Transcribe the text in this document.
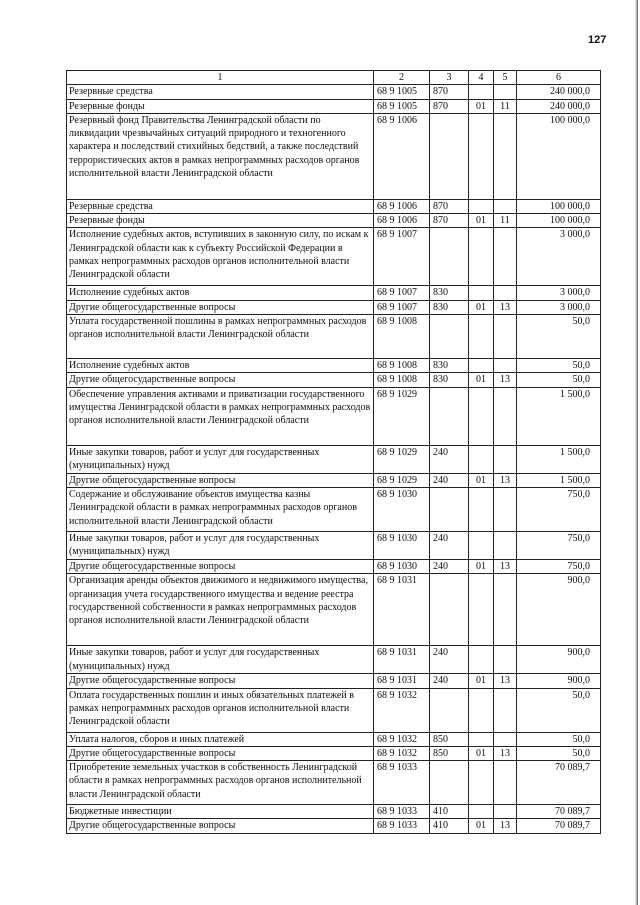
127
1	2	3	4	5	6
Резервные средства	68 9 1005	870			240 000,0
Резервные фонды	68 9 1005	870	01	11	240 000,0
Резервный фонд Правительства Ленинградской области по ликвидации чрезвычайных ситуаций природного и техногенного характера и последствий стихийных бедствий, а также последствий террористических актов в рамках непрограммных расходов органов исполнительной власти Ленинградской области	68 9 1006				100 000,0
Резервные средства	68 9 1006	870			100 000,0
Резервные фонды	68 9 1006	870	01	11	100 000,0
Исполнение судебных актов, вступивших в законную силу, по искам к Ленинградской области как к субъекту Российской Федерации в рамках непрограммных расходов органов исполнительной власти Ленинградской области	68 9 1007				3 000,0
Исполнение судебных актов	68 9 1007	830			3 000,0
Другие общегосударственные вопросы	68 9 1007	830	01	13	3 000,0
Уплата государственной пошлины в рамках непрограммных расходов органов исполнительной власти Ленинградской области	68 9 1008				50,0
Исполнение судебных актов	68 9 1008	830			50,0
Другие общегосударственные вопросы	68 9 1008	830	01	13	50,0
Обеспечение управления активами и приватизации государственного имущества Ленинградской области в рамках непрограммных расходов органов исполнительной власти Ленинградской области	68 9 1029				1 500,0
Иные закупки товаров, работ и услуг для государственных (муниципальных) нужд	68 9 1029	240			1 500,0
Другие общегосударственные вопросы	68 9 1029	240	01	13	1 500,0
Содержание и обслуживание объектов имущества казны Ленинградской области в рамках непрограммных расходов органов исполнительной власти Ленинградской области	68 9 1030				750,0
Иные закупки товаров, работ и услуг для государственных (муниципальных) нужд	68 9 1030	240			750,0
Другие общегосударственные вопросы	68 9 1030	240	01	13	750,0
Организация аренды объектов движимого и недвижимого имущества, организация учета государственного имущества и ведение реестра государственной собственности в рамках непрограммных расходов органов исполнительной власти Ленинградской области	68 9 1031				900,0
Иные закупки товаров, работ и услуг для государственных (муниципальных) нужд	68 9 1031	240			900,0
Другие общегосударственные вопросы	68 9 1031	240	01	13	900,0
Оплата государственных пошлин и иных обязательных платежей в рамках непрограммных расходов органов исполнительной власти Ленинградской области	68 9 1032				50,0
Уплата налогов, сборов и иных платежей	68 9 1032	850			50,0
Другие общегосударственные вопросы	68 9 1032	850	01	13	50,0
Приобретение земельных участков в собственность Ленинградской области в рамках непрограммных расходов органов исполнительной власти Ленинградской области	68 9 1033				70 089,7
Бюджетные инвестиции	68 9 1033	410			70 089,7
Другие общегосударственные вопросы	68 9 1033	410	01	13	70 089,7
